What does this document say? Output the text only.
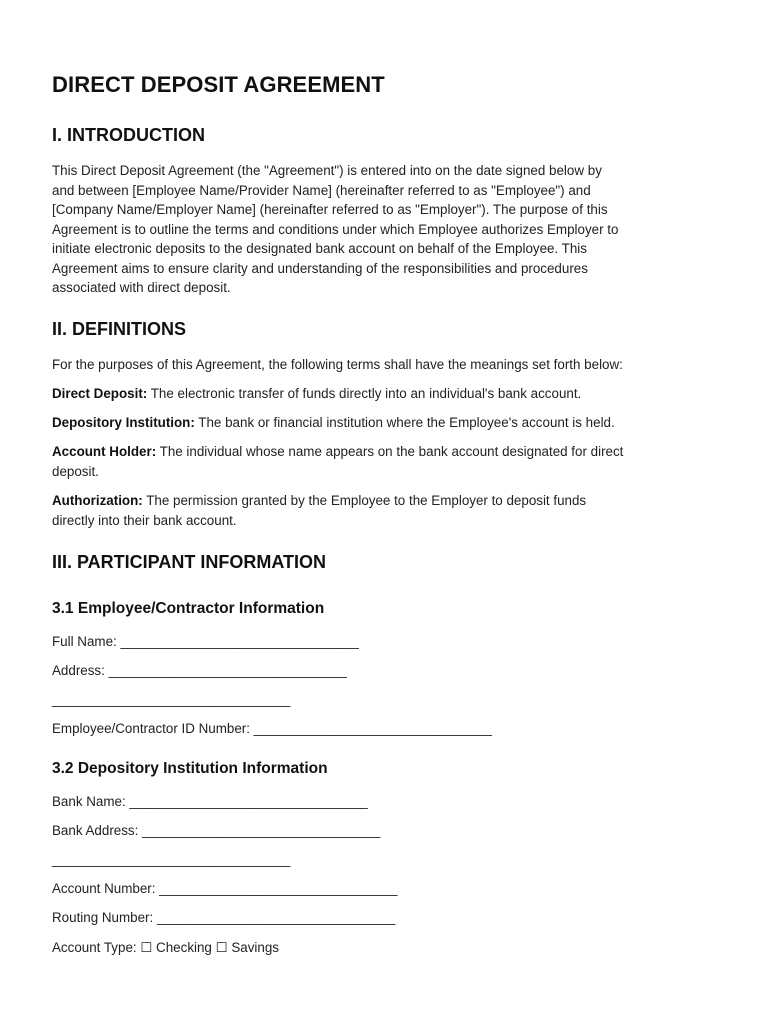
DIRECT DEPOSIT AGREEMENT
I. INTRODUCTION
This Direct Deposit Agreement (the "Agreement") is entered into on the date signed below by
and between [Employee Name/Provider Name] (hereinafter referred to as "Employee") and
[Company Name/Employer Name] (hereinafter referred to as "Employer"). The purpose of this
Agreement is to outline the terms and conditions under which Employee authorizes Employer to
initiate electronic deposits to the designated bank account on behalf of the Employee. This
Agreement aims to ensure clarity and understanding of the responsibilities and procedures
associated with direct deposit.
II. DEFINITIONS
For the purposes of this Agreement, the following terms shall have the meanings set forth below:
Direct Deposit: The electronic transfer of funds directly into an individual's bank account.
Depository Institution: The bank or financial institution where the Employee's account is held.
Account Holder: The individual whose name appears on the bank account designated for direct
deposit.
Authorization: The permission granted by the Employee to the Employer to deposit funds
directly into their bank account.
III. PARTICIPANT INFORMATION
3.1 Employee/Contractor Information
Full Name: ________________________________
Address: ________________________________
________________________________
Employee/Contractor ID Number: ________________________________
3.2 Depository Institution Information
Bank Name: ________________________________
Bank Address: ________________________________
________________________________
Account Number: ________________________________
Routing Number: ________________________________
Account Type: ☐ Checking ☐ Savings
